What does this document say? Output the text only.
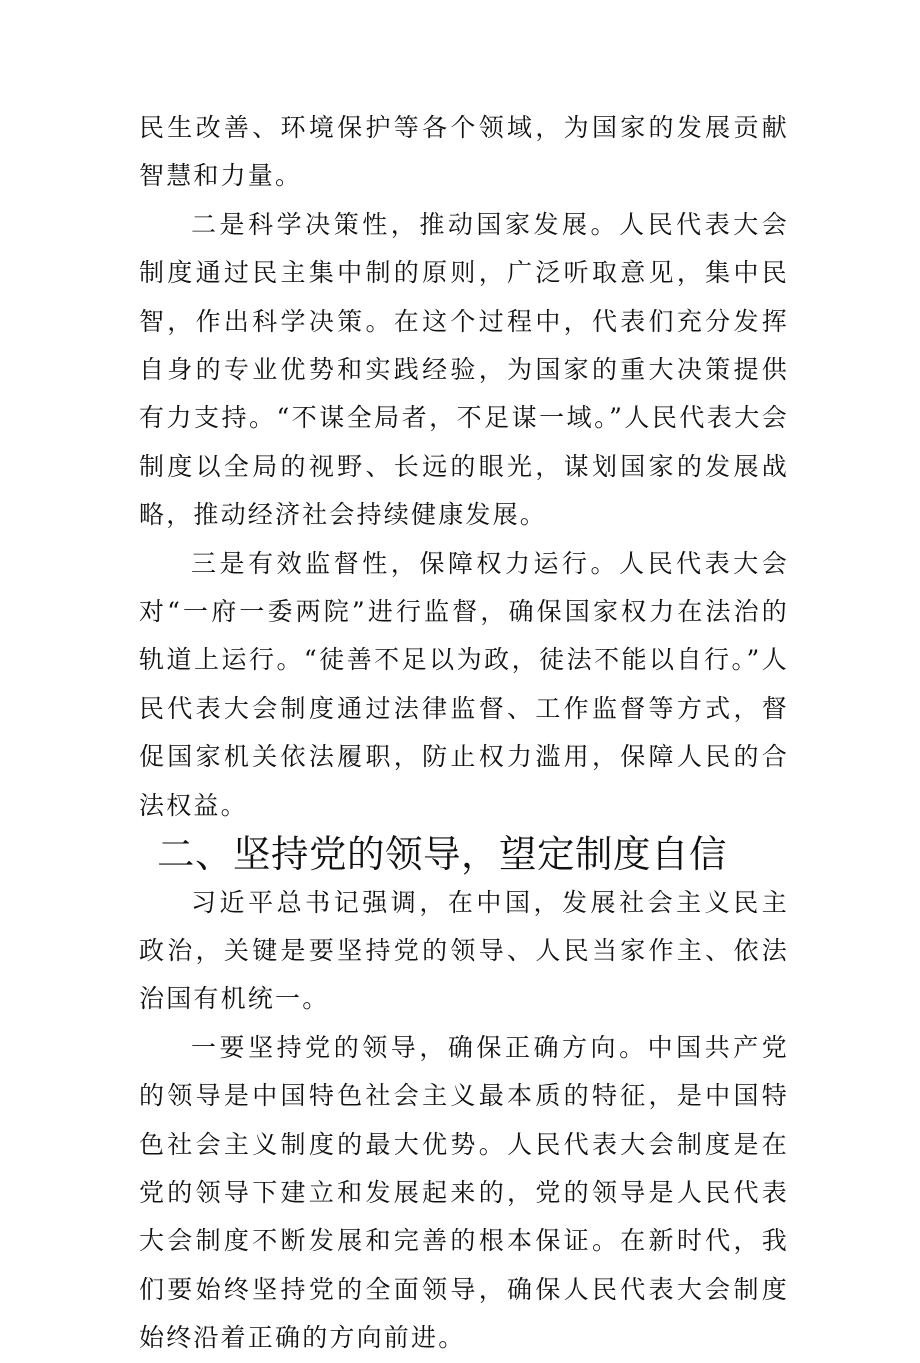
民生改善、环境保护等各个领域，为国家的发展贡献智慧和力量。

二是科学决策性，推动国家发展。人民代表大会制度通过民主集中制的原则，广泛听取意见，集中民智，作出科学决策。在这个过程中，代表们充分发挥自身的专业优势和实践经验，为国家的重大决策提供有力支持。“不谋全局者，不足谋一域。”人民代表大会制度以全局的视野、长远的眼光，谋划国家的发展战略，推动经济社会持续健康发展。

三是有效监督性，保障权力运行。人民代表大会对“一府一委两院”进行监督，确保国家权力在法治的轨道上运行。“徒善不足以为政，徒法不能以自行。”人民代表大会制度通过法律监督、工作监督等方式，督促国家机关依法履职，防止权力滥用，保障人民的合法权益。

二、坚持党的领导，望定制度自信

习近平总书记强调，在中国，发展社会主义民主政治，关键是要坚持党的领导、人民当家作主、依法治国有机统一。

一要坚持党的领导，确保正确方向。中国共产党的领导是中国特色社会主义最本质的特征，是中国特色社会主义制度的最大优势。人民代表大会制度是在党的领导下建立和发展起来的，党的领导是人民代表大会制度不断发展和完善的根本保证。在新时代，我们要始终坚持党的全面领导，确保人民代表大会制度始终沿着正确的方向前进。
